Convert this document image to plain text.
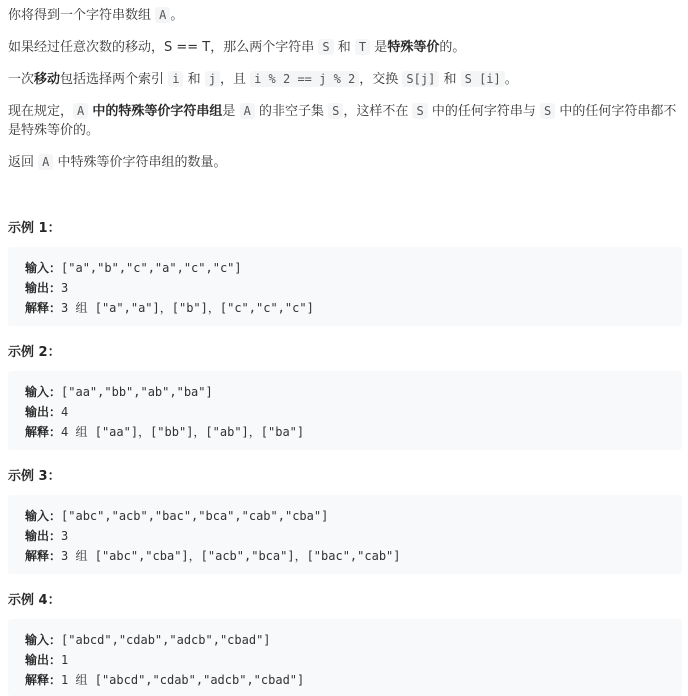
你将得到一个字符串数组 A 。
如果经过任意次数的移动，S == T，那么两个字符串 S 和 T 是特殊等价的。
一次移动包括选择两个索引 i 和 j ，且 i % 2 == j % 2 ，交换 S[j] 和 S [i] 。
现在规定， A 中的特殊等价字符串组是 A 的非空子集 S ，这样不在 S 中的任何字符串与 S 中的任何字符串都不是特殊等价的。
返回 A 中特殊等价字符串组的数量。
示例 1：
输入：["a","b","c","a","c","c"]
输出：3
解释：3 组 ["a","a"]，["b"]，["c","c","c"]
示例 2：
输入：["aa","bb","ab","ba"]
输出：4
解释：4 组 ["aa"]，["bb"]，["ab"]，["ba"]
示例 3：
输入：["abc","acb","bac","bca","cab","cba"]
输出：3
解释：3 组 ["abc","cba"]，["acb","bca"]，["bac","cab"]
示例 4：
输入：["abcd","cdab","adcb","cbad"]
输出：1
解释：1 组 ["abcd","cdab","adcb","cbad"]
